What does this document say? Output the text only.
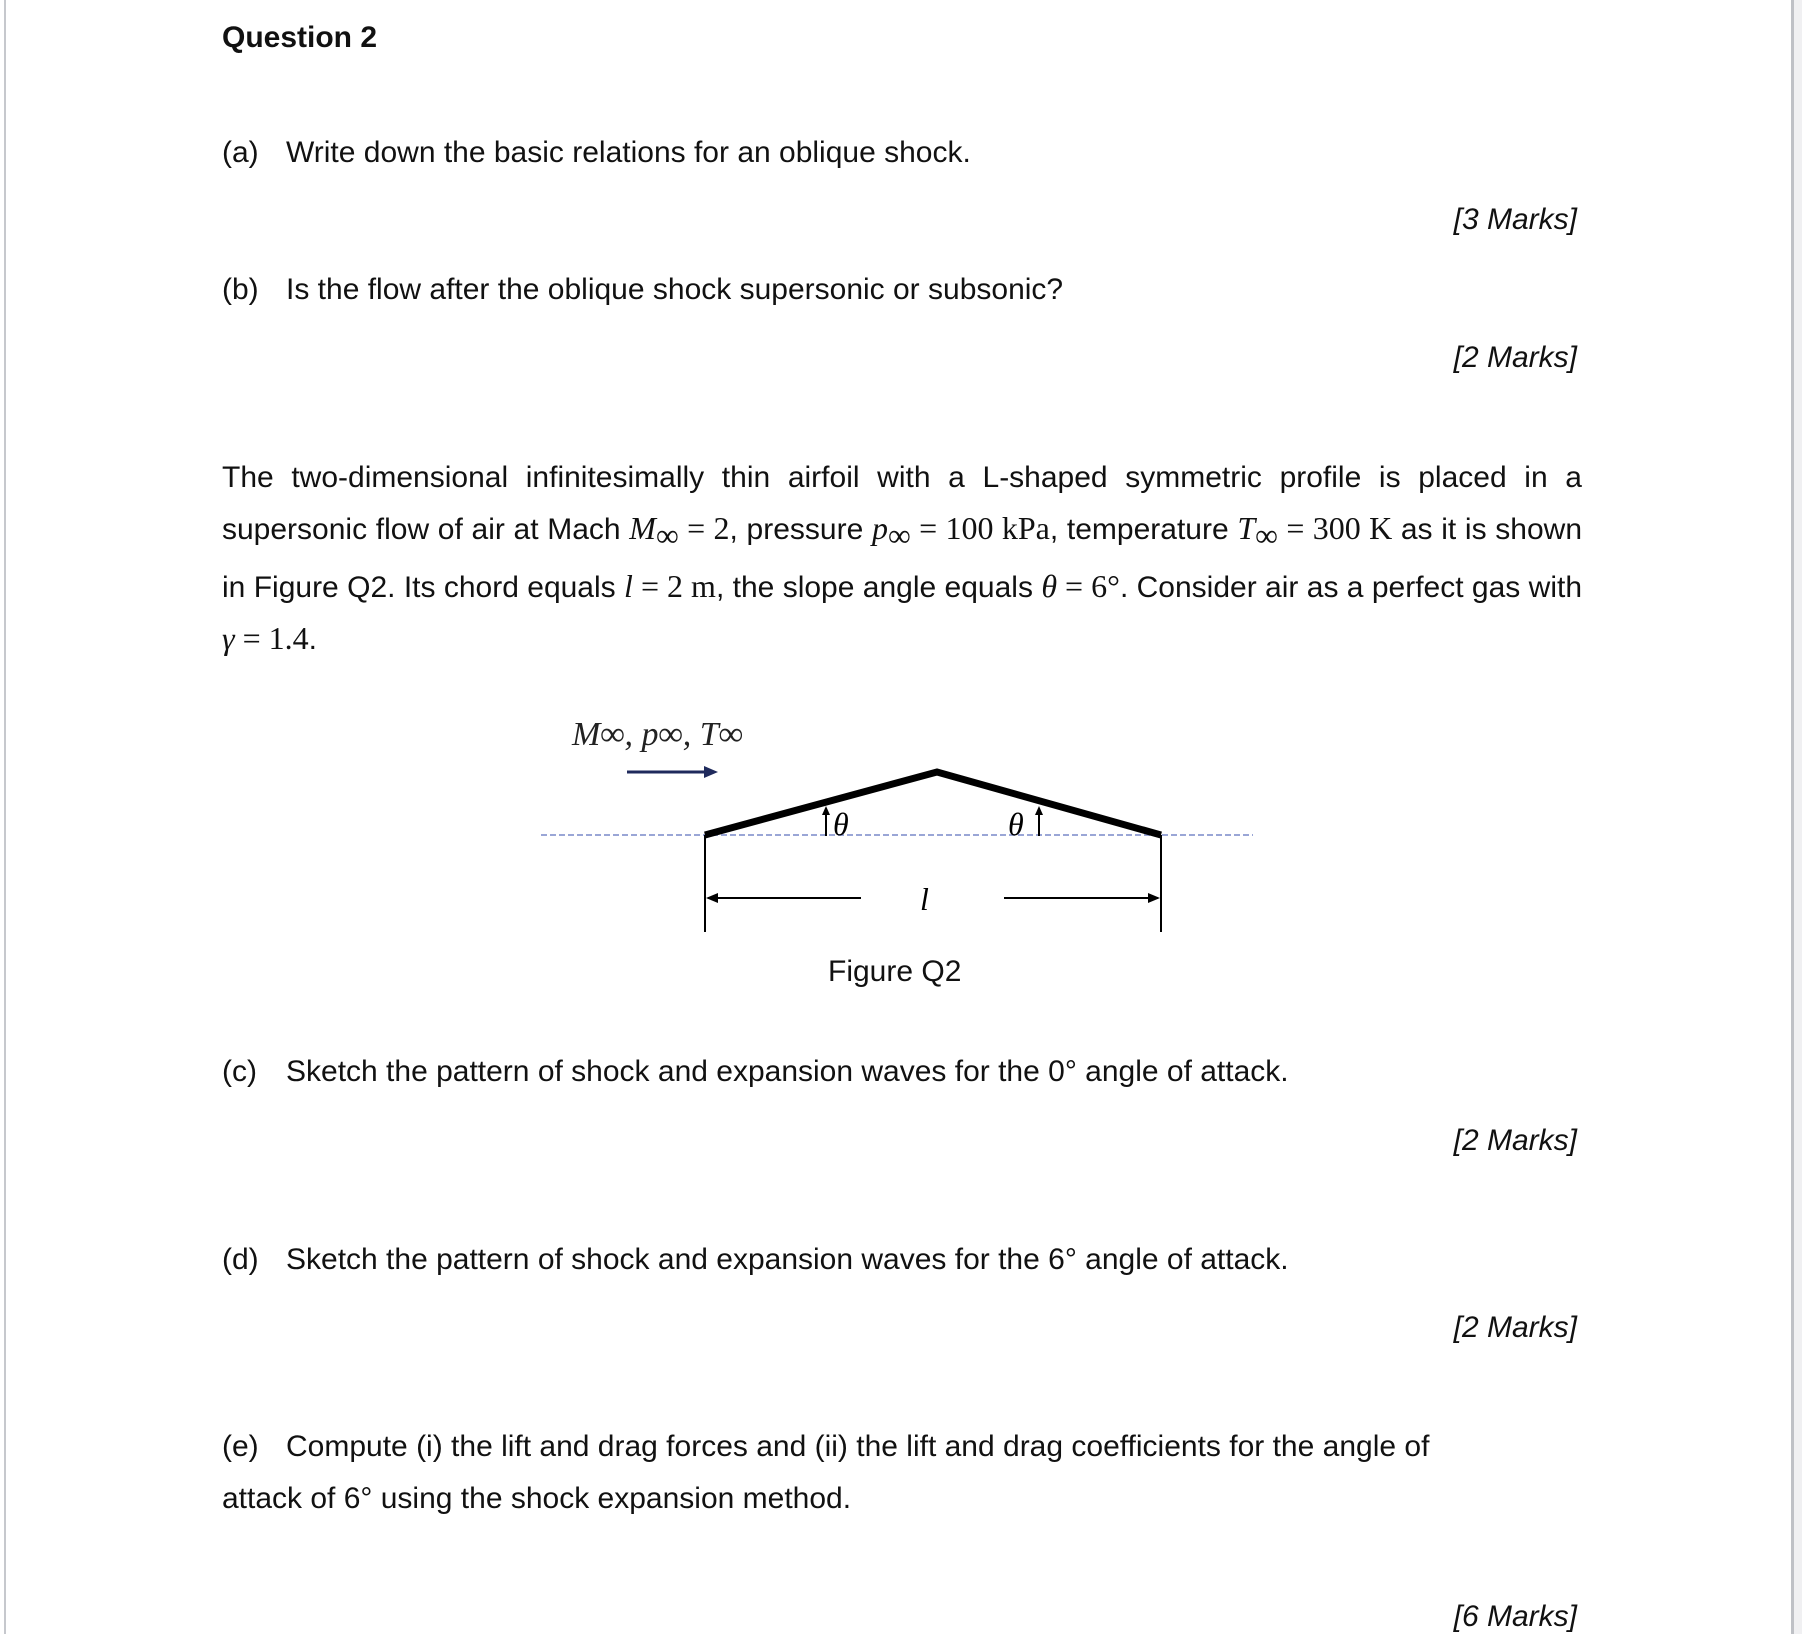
Question 2
(a) Write down the basic relations for an oblique shock.
[3 Marks]
(b) Is the flow after the oblique shock supersonic or subsonic?
[2 Marks]
The two-dimensional infinitesimally thin airfoil with a L-shaped symmetric profile is placed in a supersonic flow of air at Mach $M_\infty = 2$, pressure $p_\infty = 100$ kPa, temperature $T_\infty = 300$ K as it is shown in Figure Q2. Its chord equals l = 2 m, the slope angle equals θ = 6°. Consider air as a perfect gas with γ = 1.4.
M∞, p∞, T∞
θ	θ
l
Figure Q2
(c) Sketch the pattern of shock and expansion waves for the 0° angle of attack.
[2 Marks]
(d) Sketch the pattern of shock and expansion waves for the 6° angle of attack.
[2 Marks]
(e) Compute (i) the lift and drag forces and (ii) the lift and drag coefficients for the angle of
attack of 6° using the shock expansion method.
[6 Marks]
